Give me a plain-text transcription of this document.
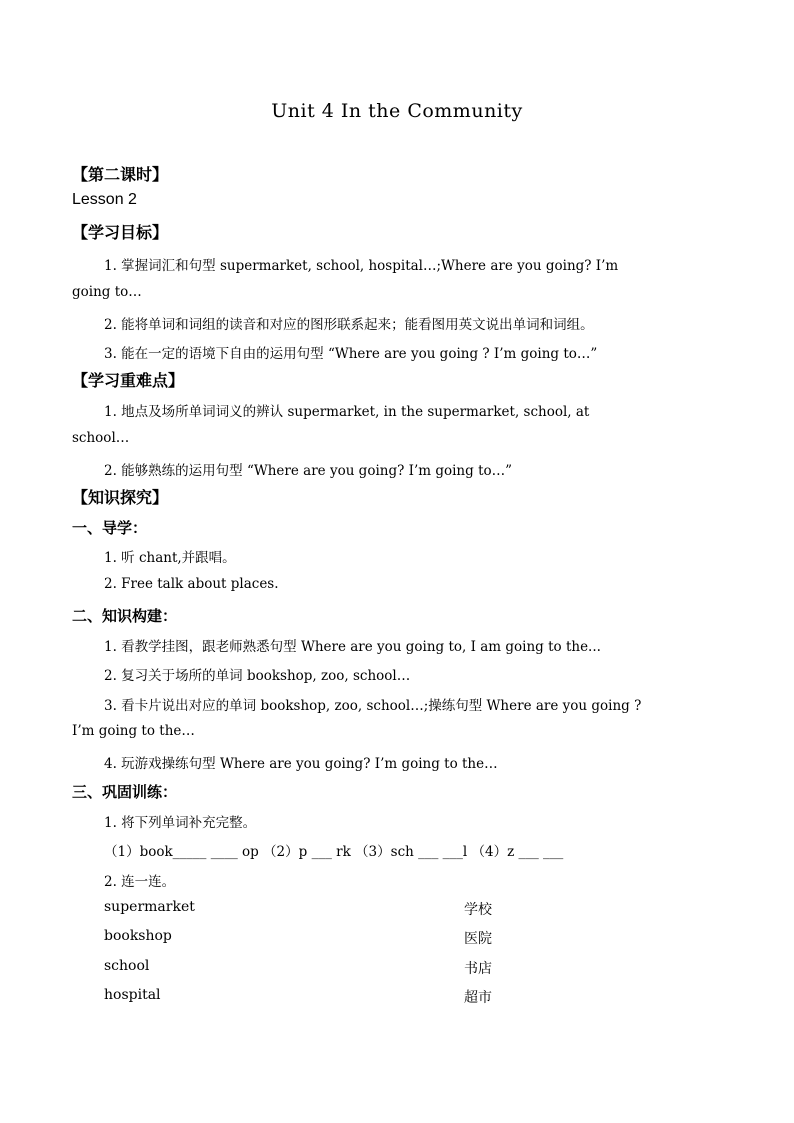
Unit 4 In the Community
【第二课时】
Lesson 2
【学习目标】
1. 掌握词汇和句型 supermarket, school, hospital…;Where are you going? I’m
going to…
2. 能将单词和词组的读音和对应的图形联系起来；能看图用英文说出单词和词组。
3. 能在一定的语境下自由的运用句型 “Where are you going ? I’m going to…”
【学习重难点】
1. 地点及场所单词词义的辨认 supermarket, in the supermarket, school, at
school…
2. 能够熟练的运用句型 “Where are you going? I’m going to…”
【知识探究】
一、导学：
1. 听 chant,并跟唱。
2. Free talk about places.
二、知识构建：
1. 看教学挂图，跟老师熟悉句型 Where are you going to, I am going to the...
2. 复习关于场所的单词 bookshop, zoo, school…
3. 看卡片说出对应的单词 bookshop, zoo, school…;操练句型 Where are you going ?
I’m going to the…
4. 玩游戏操练句型 Where are you going? I’m going to the…
三、巩固训练：
1. 将下列单词补充完整。
（1）book_____ ____ op （2）p ___ rk （3）sch ___ ___l （4）z ___ ___
2. 连一连。
supermarket	学校
bookshop	医院
school	书店
hospital	超市
